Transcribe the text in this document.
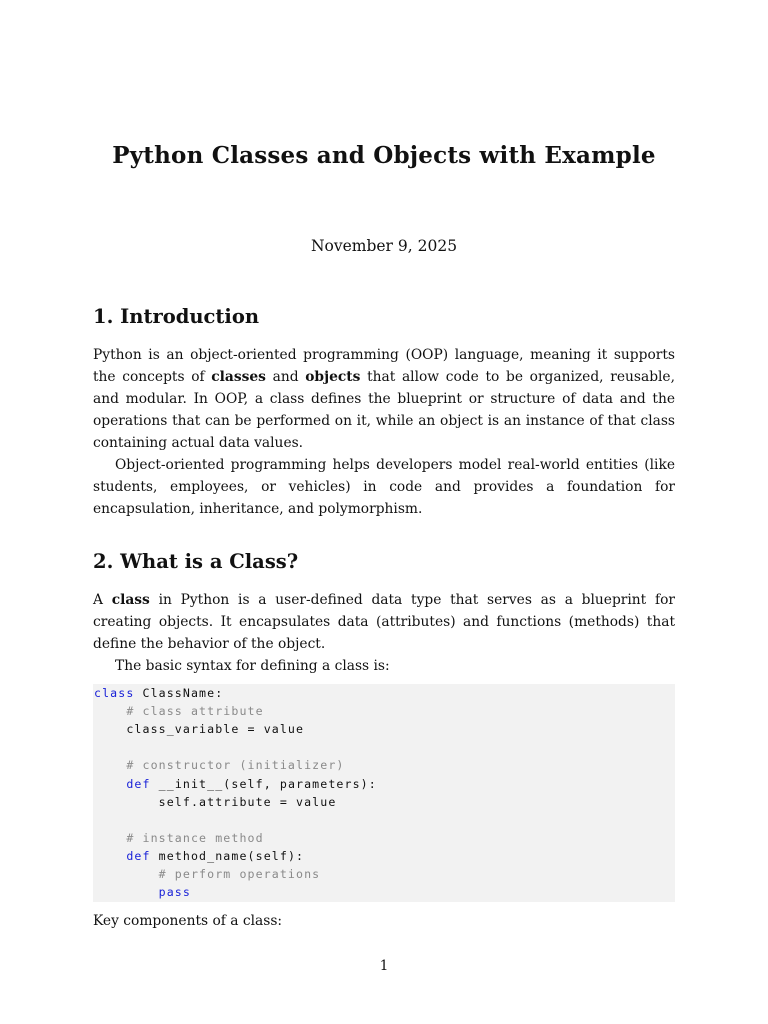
Python Classes and Objects with Example
November 9, 2025
1. Introduction
Python is an object-oriented programming (OOP) language, meaning it supports the concepts of classes and objects that allow code to be organized, reusable, and modular. In OOP, a class defines the blueprint or structure of data and the operations that can be performed on it, while an object is an instance of that class containing actual data values.
Object-oriented programming helps developers model real-world entities (like students, employees, or vehicles) in code and provides a foundation for encapsulation, inheritance, and polymorphism.
2. What is a Class?
A class in Python is a user-defined data type that serves as a blueprint for creating objects. It encapsulates data (attributes) and functions (methods) that define the behavior of the object.
The basic syntax for defining a class is:
class ClassName:
# class attribute
class_variable = value
# constructor (initializer)
def __init__(self, parameters):
self.attribute = value
# instance method
def method_name(self):
# perform operations
pass
Key components of a class:
1
